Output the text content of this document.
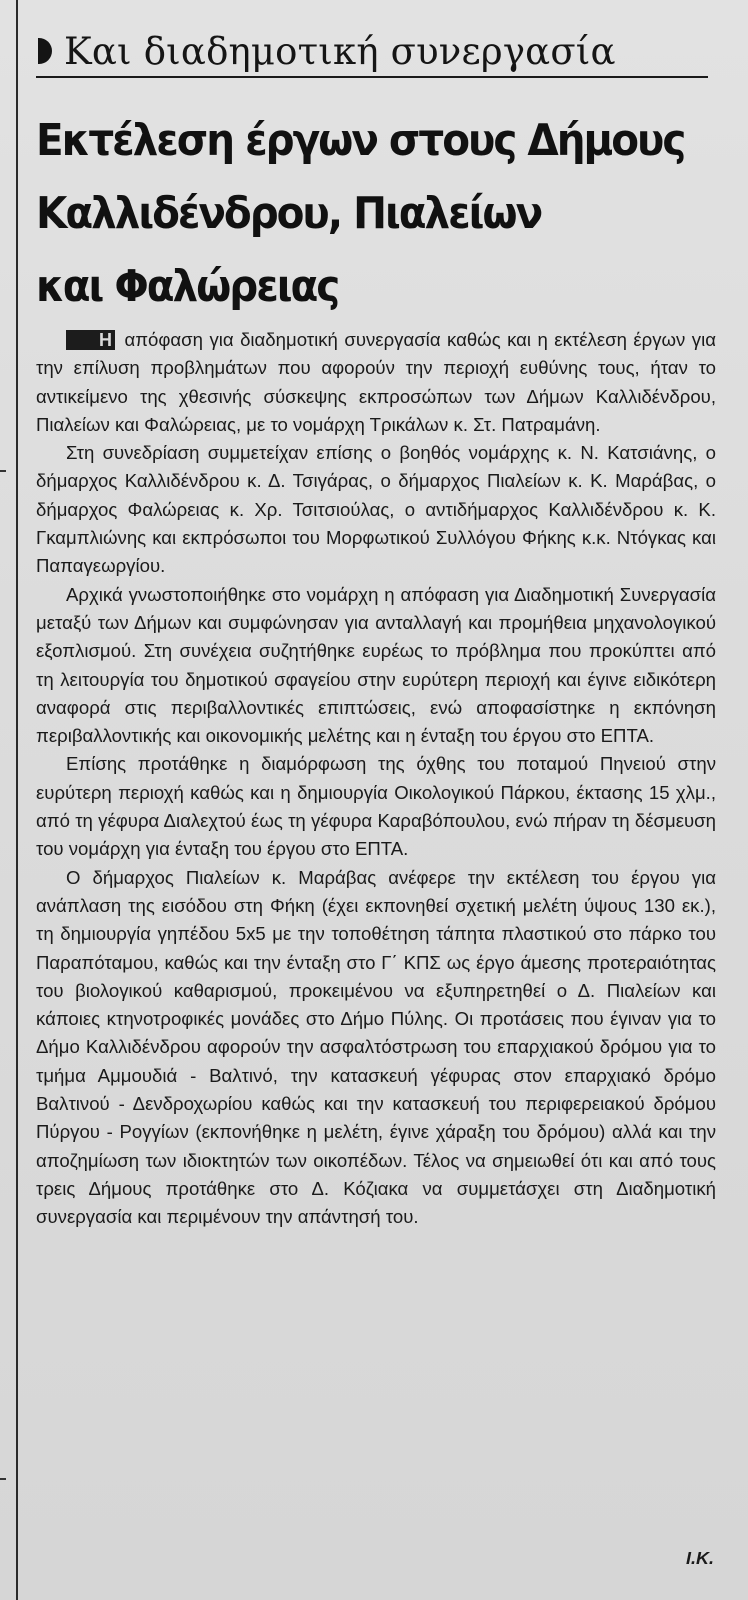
Και διαδημοτική συνεργασία
Εκτέλεση έργων στους Δήμους
Καλλιδένδρου, Πιαλείων
και Φαλώρειας

Η απόφαση για διαδημοτική συνεργασία καθώς και η εκτέλεση έργων για την επίλυση προβλημάτων που αφορούν την περιοχή ευθύνης τους, ήταν το αντικείμενο της χθεσινής σύσκεψης εκπροσώπων των Δήμων Καλλιδένδρου, Πιαλείων και Φαλώρειας, με το νομάρχη Τρικάλων κ. Στ. Πατραμάνη.

Στη συνεδρίαση συμμετείχαν επίσης ο βοηθός νομάρχης κ. Ν. Κατσιάνης, ο δήμαρχος Καλλιδένδρου κ. Δ. Τσιγάρας, ο δήμαρχος Πιαλείων κ. Κ. Μαράβας, ο δήμαρχος Φαλώρειας κ. Χρ. Τσιτσιούλας, ο αντιδήμαρχος Καλλιδένδρου κ. Κ. Γκαμπλιώνης και εκπρόσωποι του Μορφωτικού Συλλόγου Φήκης κ.κ. Ντόγκας και Παπαγεωργίου.

Αρχικά γνωστοποιήθηκε στο νομάρχη η απόφαση για Διαδημοτική Συνεργασία μεταξύ των Δήμων και συμφώνησαν για ανταλλαγή και προμήθεια μηχανολογικού εξοπλισμού. Στη συνέχεια συζητήθηκε ευρέως το πρόβλημα που προκύπτει από τη λειτουργία του δημοτικού σφαγείου στην ευρύτερη περιοχή και έγινε ειδικότερη αναφορά στις περιβαλλοντικές επιπτώσεις, ενώ αποφασίστηκε η εκπόνηση περιβαλλοντικής και οικονομικής μελέτης και η ένταξη του έργου στο ΕΠΤΑ.

Επίσης προτάθηκε η διαμόρφωση της όχθης του ποταμού Πηνειού στην ευρύτερη περιοχή καθώς και η δημιουργία Οικολογικού Πάρκου, έκτασης 15 χλμ., από τη γέφυρα Διαλεχτού έως τη γέφυρα Καραβόπουλου, ενώ πήραν τη δέσμευση του νομάρχη για ένταξη του έργου στο ΕΠΤΑ.

Ο δήμαρχος Πιαλείων κ. Μαράβας ανέφερε την εκτέλεση του έργου για ανάπλαση της εισόδου στη Φήκη (έχει εκπονηθεί σχετική μελέτη ύψους 130 εκ.), τη δημιουργία γηπέδου 5x5 με την τοποθέτηση τάπητα πλαστικού στο πάρκο του Παραπόταμου, καθώς και την ένταξη στο Γ΄ ΚΠΣ ως έργο άμεσης προτεραιότητας του βιολογικού καθαρισμού, προκειμένου να εξυπηρετηθεί ο Δ. Πιαλείων και κάποιες κτηνοτροφικές μονάδες στο Δήμο Πύλης. Οι προτάσεις που έγιναν για το Δήμο Καλλιδένδρου αφορούν την ασφαλτόστρωση του επαρχιακού δρόμου για το τμήμα Αμμουδιά - Βαλτινό, την κατασκευή γέφυρας στον επαρχιακό δρόμο Βαλτινού - Δενδροχωρίου καθώς και την κατασκευή του περιφερειακού δρόμου Πύργου - Ρογγίων (εκπονήθηκε η μελέτη, έγινε χάραξη του δρόμου) αλλά και την αποζημίωση των ιδιοκτητών των οικοπέδων. Τέλος να σημειωθεί ότι και από τους τρεις Δήμους προτάθηκε στο Δ. Κόζιακα να συμμετάσχει στη Διαδημοτική συνεργασία και περιμένουν την απάντησή του.

Ι.Κ.
